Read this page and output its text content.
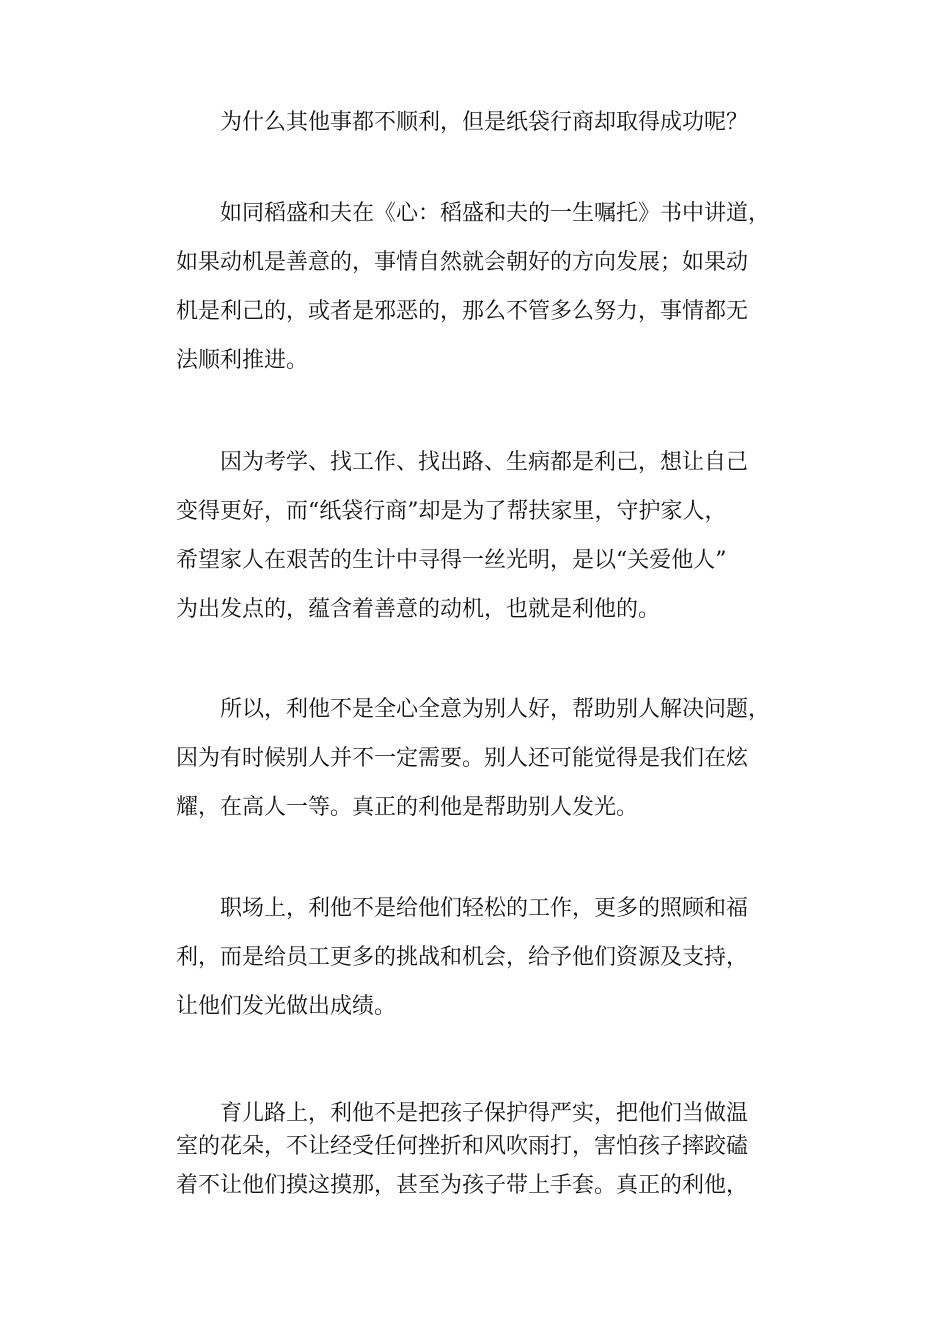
为什么其他事都不顺利，但是纸袋行商却取得成功呢？
如同稻盛和夫在《心：稻盛和夫的一生嘱托》书中讲道，
如果动机是善意的，事情自然就会朝好的方向发展；如果动
机是利己的，或者是邪恶的，那么不管多么努力，事情都无
法顺利推进。
因为考学、找工作、找出路、生病都是利己，想让自己
变得更好，而“纸袋行商”却是为了帮扶家里，守护家人，
希望家人在艰苦的生计中寻得一丝光明，是以“关爱他人”
为出发点的，蕴含着善意的动机，也就是利他的。
所以，利他不是全心全意为别人好，帮助别人解决问题，
因为有时候别人并不一定需要。别人还可能觉得是我们在炫
耀，在高人一等。真正的利他是帮助别人发光。
职场上，利他不是给他们轻松的工作，更多的照顾和福
利，而是给员工更多的挑战和机会，给予他们资源及支持，
让他们发光做出成绩。
育儿路上，利他不是把孩子保护得严实，把他们当做温
室的花朵，不让经受任何挫折和风吹雨打，害怕孩子摔跤磕
着不让他们摸这摸那，甚至为孩子带上手套。真正的利他，
